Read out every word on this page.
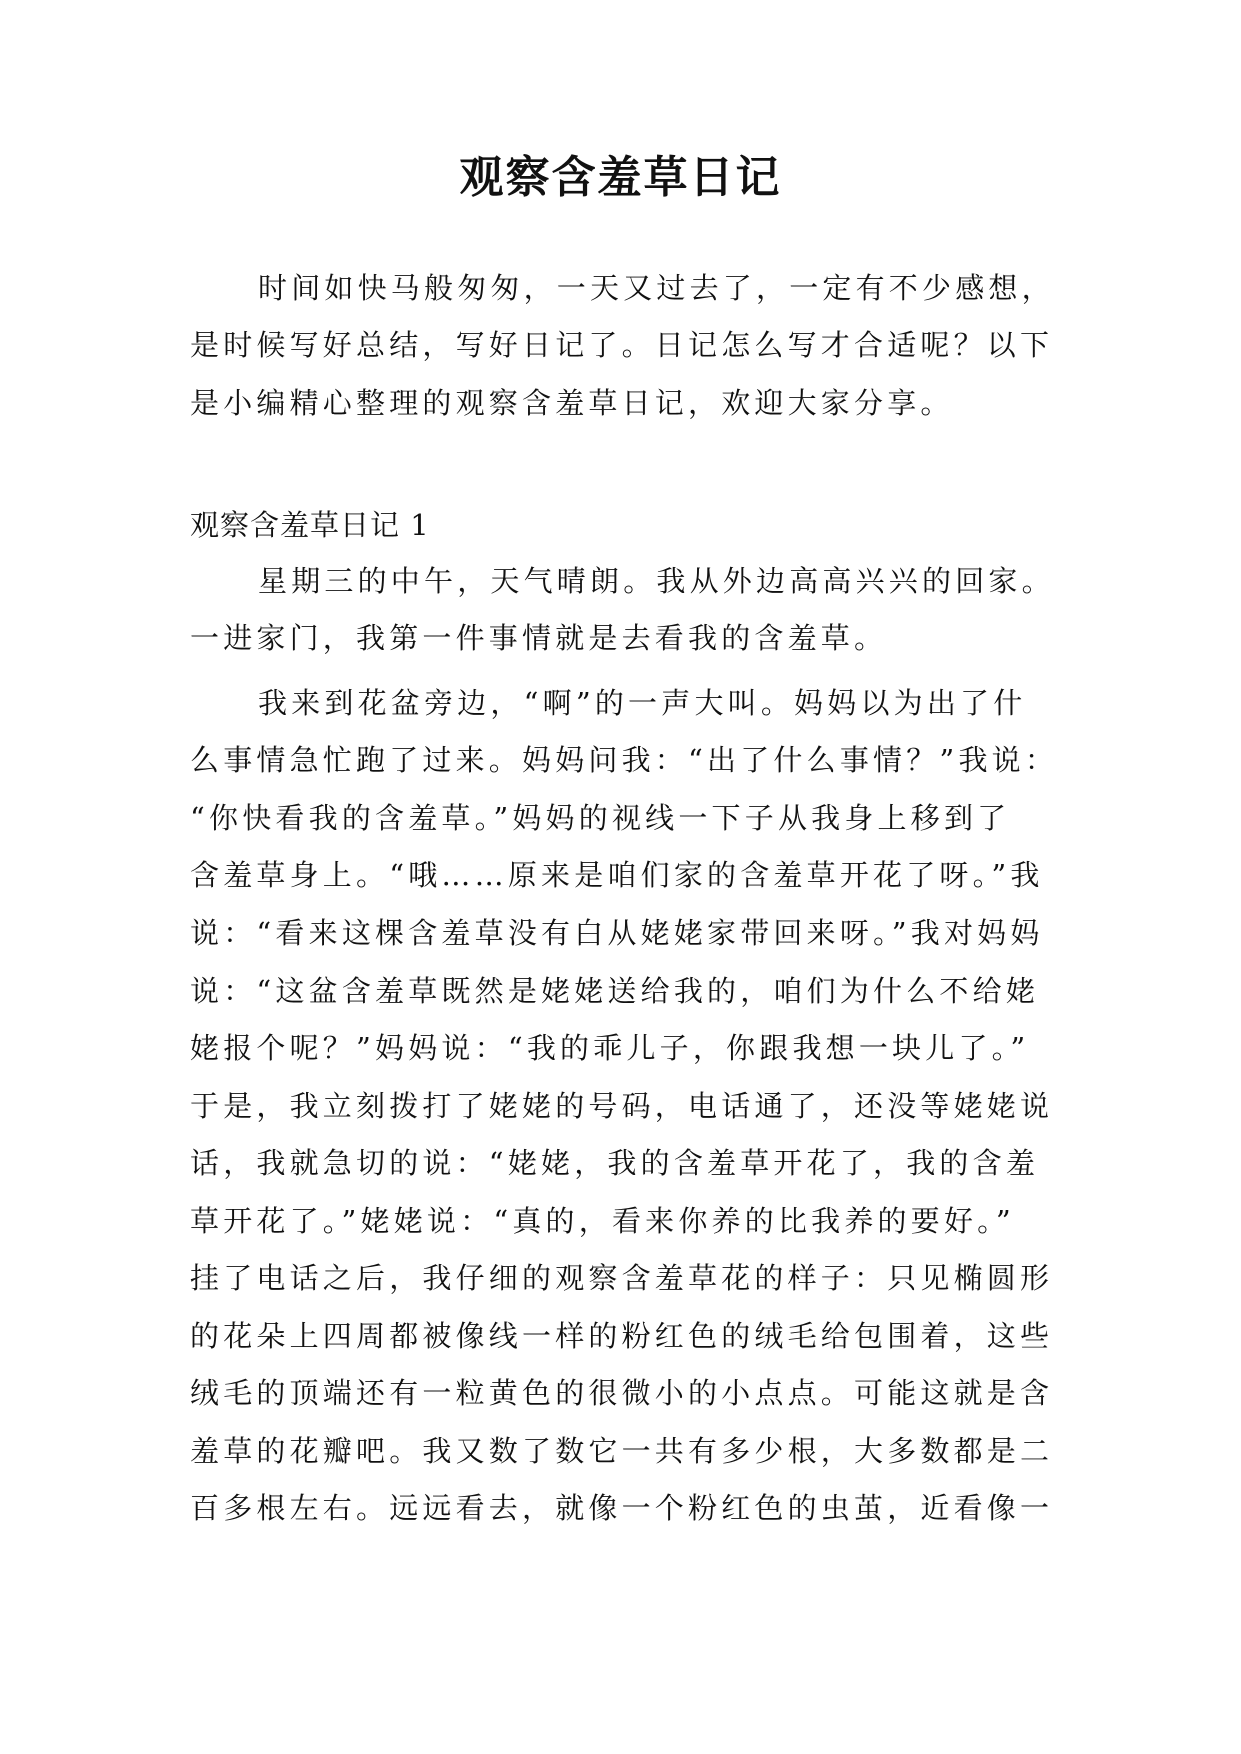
观察含羞草日记
时间如快马般匆匆，一天又过去了，一定有不少感想，
是时候写好总结，写好日记了。日记怎么写才合适呢？以下
是小编精心整理的观察含羞草日记，欢迎大家分享。
观察含羞草日记 1
星期三的中午，天气晴朗。我从外边高高兴兴的回家。
一进家门，我第一件事情就是去看我的含羞草。
我来到花盆旁边，“啊”的一声大叫。妈妈以为出了什
么事情急忙跑了过来。妈妈问我：“出了什么事情？”我说：
“你快看我的含羞草。”妈妈的视线一下子从我身上移到了
含羞草身上。“哦……原来是咱们家的含羞草开花了呀。”我
说：“看来这棵含羞草没有白从姥姥家带回来呀。”我对妈妈
说：“这盆含羞草既然是姥姥送给我的，咱们为什么不给姥
姥报个呢？”妈妈说：“我的乖儿子，你跟我想一块儿了。”
于是，我立刻拨打了姥姥的号码，电话通了，还没等姥姥说
话，我就急切的说：“姥姥，我的含羞草开花了，我的含羞
草开花了。”姥姥说：“真的，看来你养的比我养的要好。”
挂了电话之后，我仔细的观察含羞草花的样子：只见椭圆形
的花朵上四周都被像线一样的粉红色的绒毛给包围着，这些
绒毛的顶端还有一粒黄色的很微小的小点点。可能这就是含
羞草的花瓣吧。我又数了数它一共有多少根，大多数都是二
百多根左右。远远看去，就像一个粉红色的虫茧，近看像一
